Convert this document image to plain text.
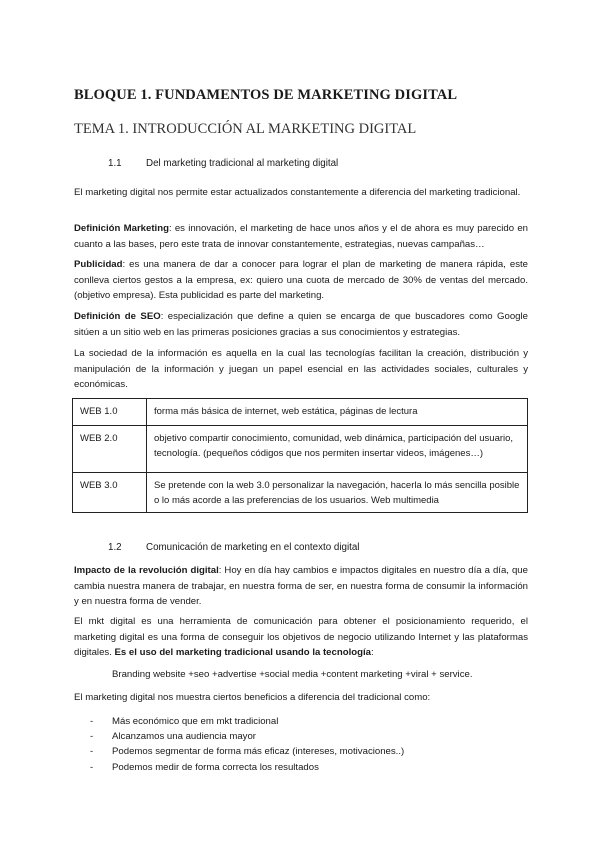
BLOQUE 1. FUNDAMENTOS DE MARKETING DIGITAL
TEMA 1. INTRODUCCIÓN AL MARKETING DIGITAL

1.1 Del marketing tradicional al marketing digital

El marketing digital nos permite estar actualizados constantemente a diferencia del marketing tradicional.

Definición Marketing: es innovación, el marketing de hace unos años y el de ahora es muy parecido en cuanto a las bases, pero este trata de innovar constantemente, estrategias, nuevas campañas…

Publicidad: es una manera de dar a conocer para lograr el plan de marketing de manera rápida, este conlleva ciertos gestos a la empresa, ex: quiero una cuota de mercado de 30% de ventas del mercado. (objetivo empresa). Esta publicidad es parte del marketing.

Definición de SEO: especialización que define a quien se encarga de que buscadores como Google sitúen a un sitio web en las primeras posiciones gracias a sus conocimientos y estrategias.

La sociedad de la información es aquella en la cual las tecnologías facilitan la creación, distribución y manipulación de la información y juegan un papel esencial en las actividades sociales, culturales y económicas.

WEB 1.0	forma más básica de internet, web estática, páginas de lectura
WEB 2.0	objetivo compartir conocimiento, comunidad, web dinámica, participación del usuario, tecnología. (pequeños códigos que nos permiten insertar videos, imágenes…)
WEB 3.0	Se pretende con la web 3.0 personalizar la navegación, hacerla lo más sencilla posible o lo más acorde a las preferencias de los usuarios. Web multimedia

1.2 Comunicación de marketing en el contexto digital

Impacto de la revolución digital: Hoy en día hay cambios e impactos digitales en nuestro día a día, que cambia nuestra manera de trabajar, en nuestra forma de ser, en nuestra forma de consumir la información y en nuestra forma de vender.

El mkt digital es una herramienta de comunicación para obtener el posicionamiento requerido, el marketing digital es una forma de conseguir los objetivos de negocio utilizando Internet y las plataformas digitales. Es el uso del marketing tradicional usando la tecnología:

Branding website +seo +advertise +social media +content marketing +viral + service.

El marketing digital nos muestra ciertos beneficios a diferencia del tradicional como:

- Más económico que em mkt tradicional
- Alcanzamos una audiencia mayor
- Podemos segmentar de forma más eficaz (intereses, motivaciones..)
- Podemos medir de forma correcta los resultados
